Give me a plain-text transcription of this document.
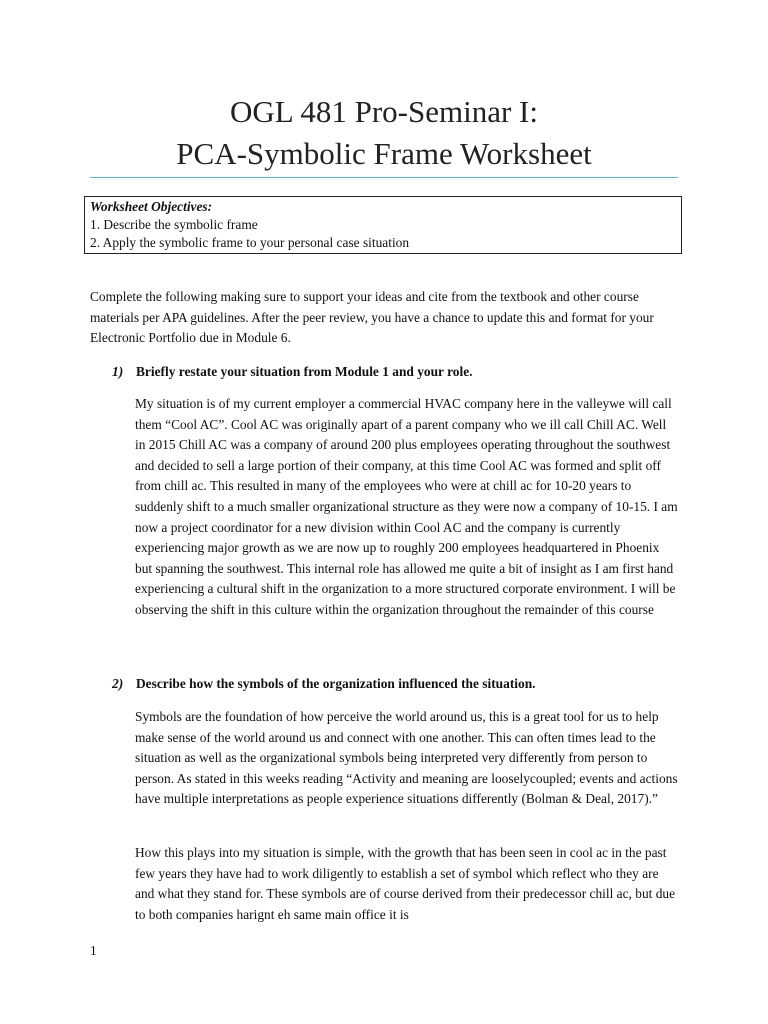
OGL 481 Pro-Seminar I:
PCA-Symbolic Frame Worksheet
Worksheet Objectives:
1. Describe the symbolic frame
2. Apply the symbolic frame to your personal case situation

Complete the following making sure to support your ideas and cite from the textbook and other course materials per APA guidelines. After the peer review, you have a chance to update this and format for your Electronic Portfolio due in Module 6.

1) Briefly restate your situation from Module 1 and your role.

My situation is of my current employer a commercial HVAC company here in the valleywe will call them “Cool AC”. Cool AC was originally apart of a parent company who we ill call Chill AC. Well in 2015 Chill AC was a company of around 200 plus employees operating throughout the southwest and decided to sell a large portion of their company, at this time Cool AC was formed and split off from chill ac. This resulted in many of the employees who were at chill ac for 10-20 years to suddenly shift to a much smaller organizational structure as they were now a company of 10-15. I am now a project coordinator for a new division within Cool AC and the company is currently experiencing major growth as we are now up to roughly 200 employees headquartered in Phoenix but spanning the southwest. This internal role has allowed me quite a bit of insight as I am first hand experiencing a cultural shift in the organization to a more structured corporate environment. I will be observing the shift in this culture within the organization throughout the remainder of this course

2) Describe how the symbols of the organization influenced the situation.

Symbols are the foundation of how perceive the world around us, this is a great tool for us to help make sense of the world around us and connect with one another. This can often times lead to the situation as well as the organizational symbols being interpreted very differently from person to person. As stated in this weeks reading “Activity and meaning are looselycoupled; events and actions have multiple interpretations as people experience situations differently (Bolman & Deal, 2017).”

How this plays into my situation is simple, with the growth that has been seen in cool ac in the past few years they have had to work diligently to establish a set of symbol which reflect who they are and what they stand for. These symbols are of course derived from their predecessor chill ac, but due to both companies harignt eh same main office it is

1
